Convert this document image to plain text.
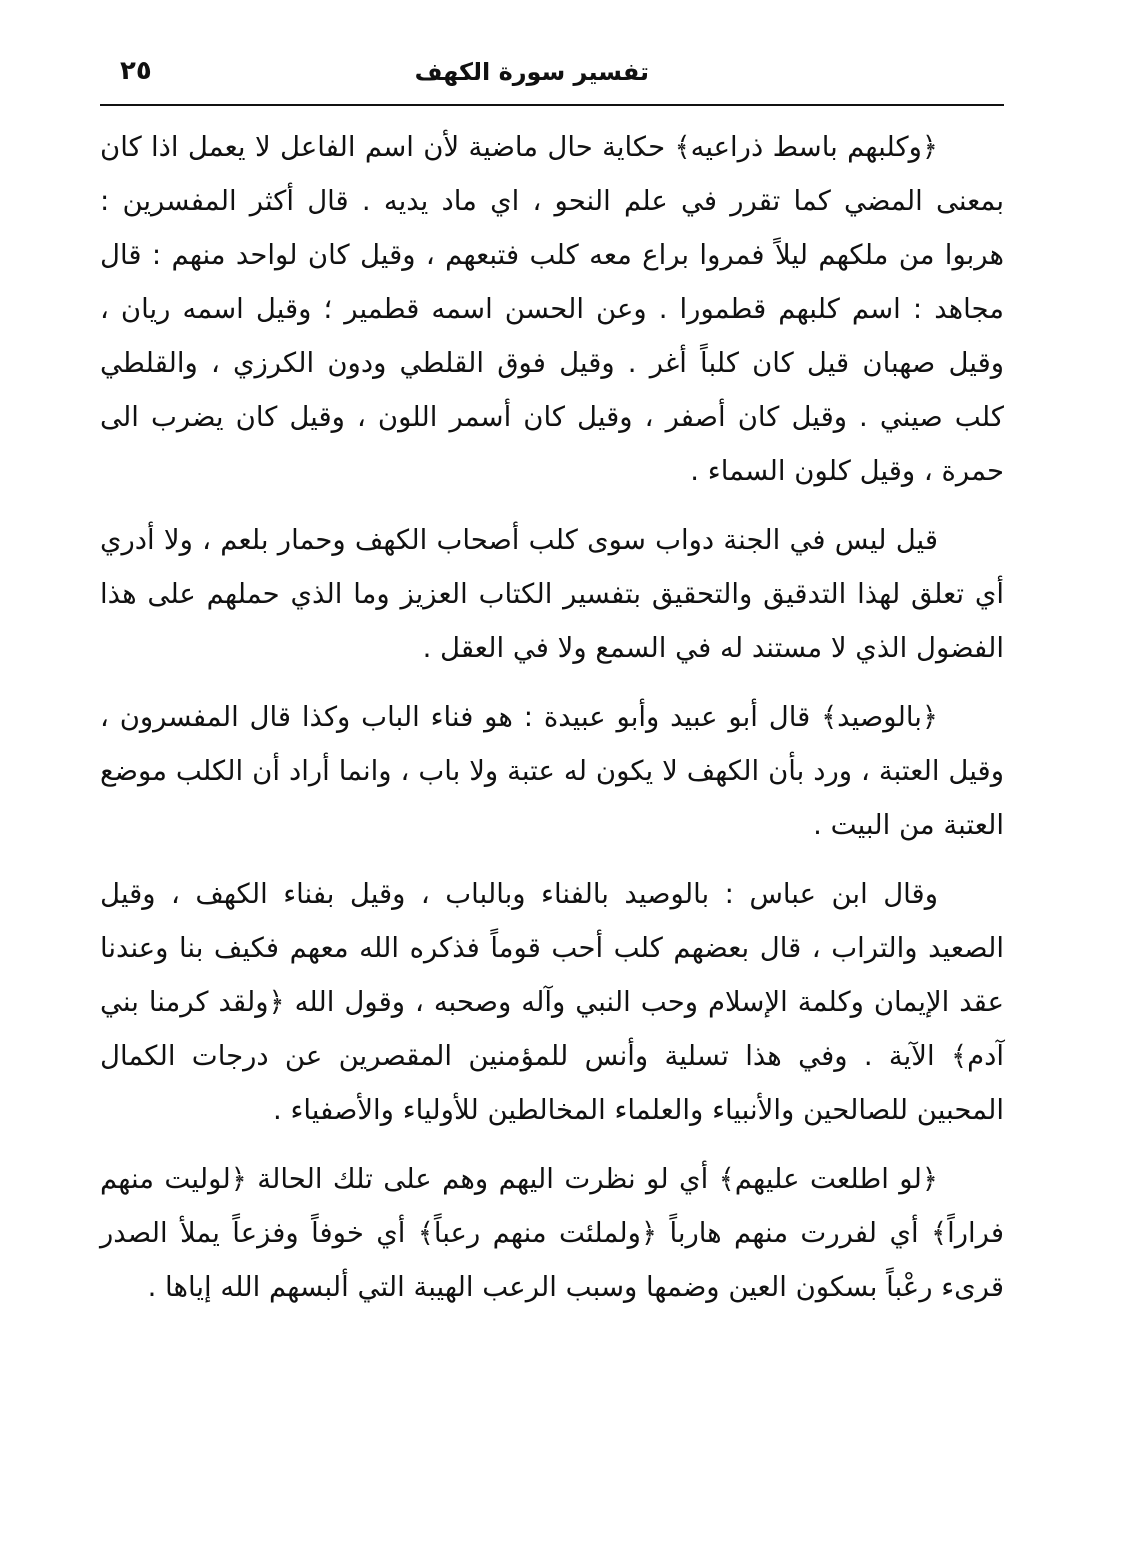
تفسير سورة الكهف
٢٥

﴿وكلبهم باسط ذراعيه﴾ حكاية حال ماضية لأن اسم الفاعل لا يعمل اذا كان بمعنى المضي كما تقرر في علم النحو ، اي ماد يديه . قال أكثر المفسرين : هربوا من ملكهم ليلاً فمروا براع معه كلب فتبعهم ، وقيل كان لواحد منهم : قال مجاهد : اسم كلبهم قطمورا . وعن الحسن اسمه قطمير ؛ وقيل اسمه ريان ، وقيل صهبان قيل كان كلباً أغر . وقيل فوق القلطي ودون الكرزي ، والقلطي كلب صيني . وقيل كان أصفر ، وقيل كان أسمر اللون ، وقيل كان يضرب الى حمرة ، وقيل كلون السماء .

قيل ليس في الجنة دواب سوى كلب أصحاب الكهف وحمار بلعم ، ولا أدري أي تعلق لهذا التدقيق والتحقيق بتفسير الكتاب العزيز وما الذي حملهم على هذا الفضول الذي لا مستند له في السمع ولا في العقل .

﴿بالوصيد﴾ قال أبو عبيد وأبو عبيدة : هو فناء الباب وكذا قال المفسرون ، وقيل العتبة ، ورد بأن الكهف لا يكون له عتبة ولا باب ، وانما أراد أن الكلب موضع العتبة من البيت .

وقال ابن عباس : بالوصيد بالفناء وبالباب ، وقيل بفناء الكهف ، وقيل الصعيد والتراب ، قال بعضهم كلب أحب قوماً فذكره الله معهم فكيف بنا وعندنا عقد الإيمان وكلمة الإسلام وحب النبي وآله وصحبه ، وقول الله ﴿ولقد كرمنا بني آدم﴾ الآية . وفي هذا تسلية وأنس للمؤمنين المقصرين عن درجات الكمال المحبين للصالحين والأنبياء والعلماء المخالطين للأولياء والأصفياء .

﴿لو اطلعت عليهم﴾ أي لو نظرت اليهم وهم على تلك الحالة ﴿لوليت منهم فراراً﴾ أي لفررت منهم هارباً ﴿ولملئت منهم رعباً﴾ أي خوفاً وفزعاً يملأ الصدر قرىء رعْباً بسكون العين وضمها وسبب الرعب الهيبة التي ألبسهم الله إياها .
